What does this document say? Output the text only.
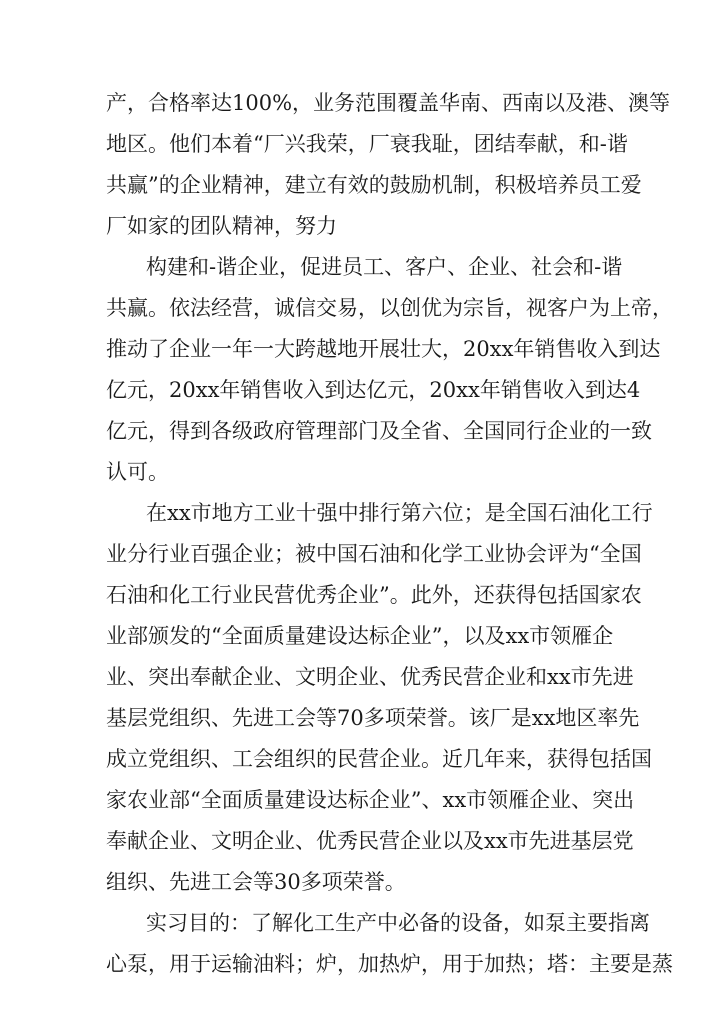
产，合格率达100%，业务范围覆盖华南、西南以及港、澳等
地区。他们本着“厂兴我荣，厂衰我耻，团结奉献，和-谐
共赢”的企业精神，建立有效的鼓励机制，积极培养员工爱
厂如家的团队精神，努力
构建和-谐企业，促进员工、客户、企业、社会和-谐
共赢。依法经营，诚信交易，以创优为宗旨，视客户为上帝，
推动了企业一年一大跨越地开展壮大，20xx年销售收入到达
亿元，20xx年销售收入到达亿元，20xx年销售收入到达4
亿元，得到各级政府管理部门及全省、全国同行企业的一致
认可。
在xx市地方工业十强中排行第六位；是全国石油化工行
业分行业百强企业；被中国石油和化学工业协会评为“全国
石油和化工行业民营优秀企业”。此外，还获得包括国家农
业部颁发的“全面质量建设达标企业”，以及xx市领雁企
业、突出奉献企业、文明企业、优秀民营企业和xx市先进
基层党组织、先进工会等70多项荣誉。该厂是xx地区率先
成立党组织、工会组织的民营企业。近几年来，获得包括国
家农业部“全面质量建设达标企业”、xx市领雁企业、突出
奉献企业、文明企业、优秀民营企业以及xx市先进基层党
组织、先进工会等30多项荣誉。
实习目的：了解化工生产中必备的设备，如泵主要指离
心泵，用于运输油料；炉，加热炉，用于加热；塔：主要是蒸
